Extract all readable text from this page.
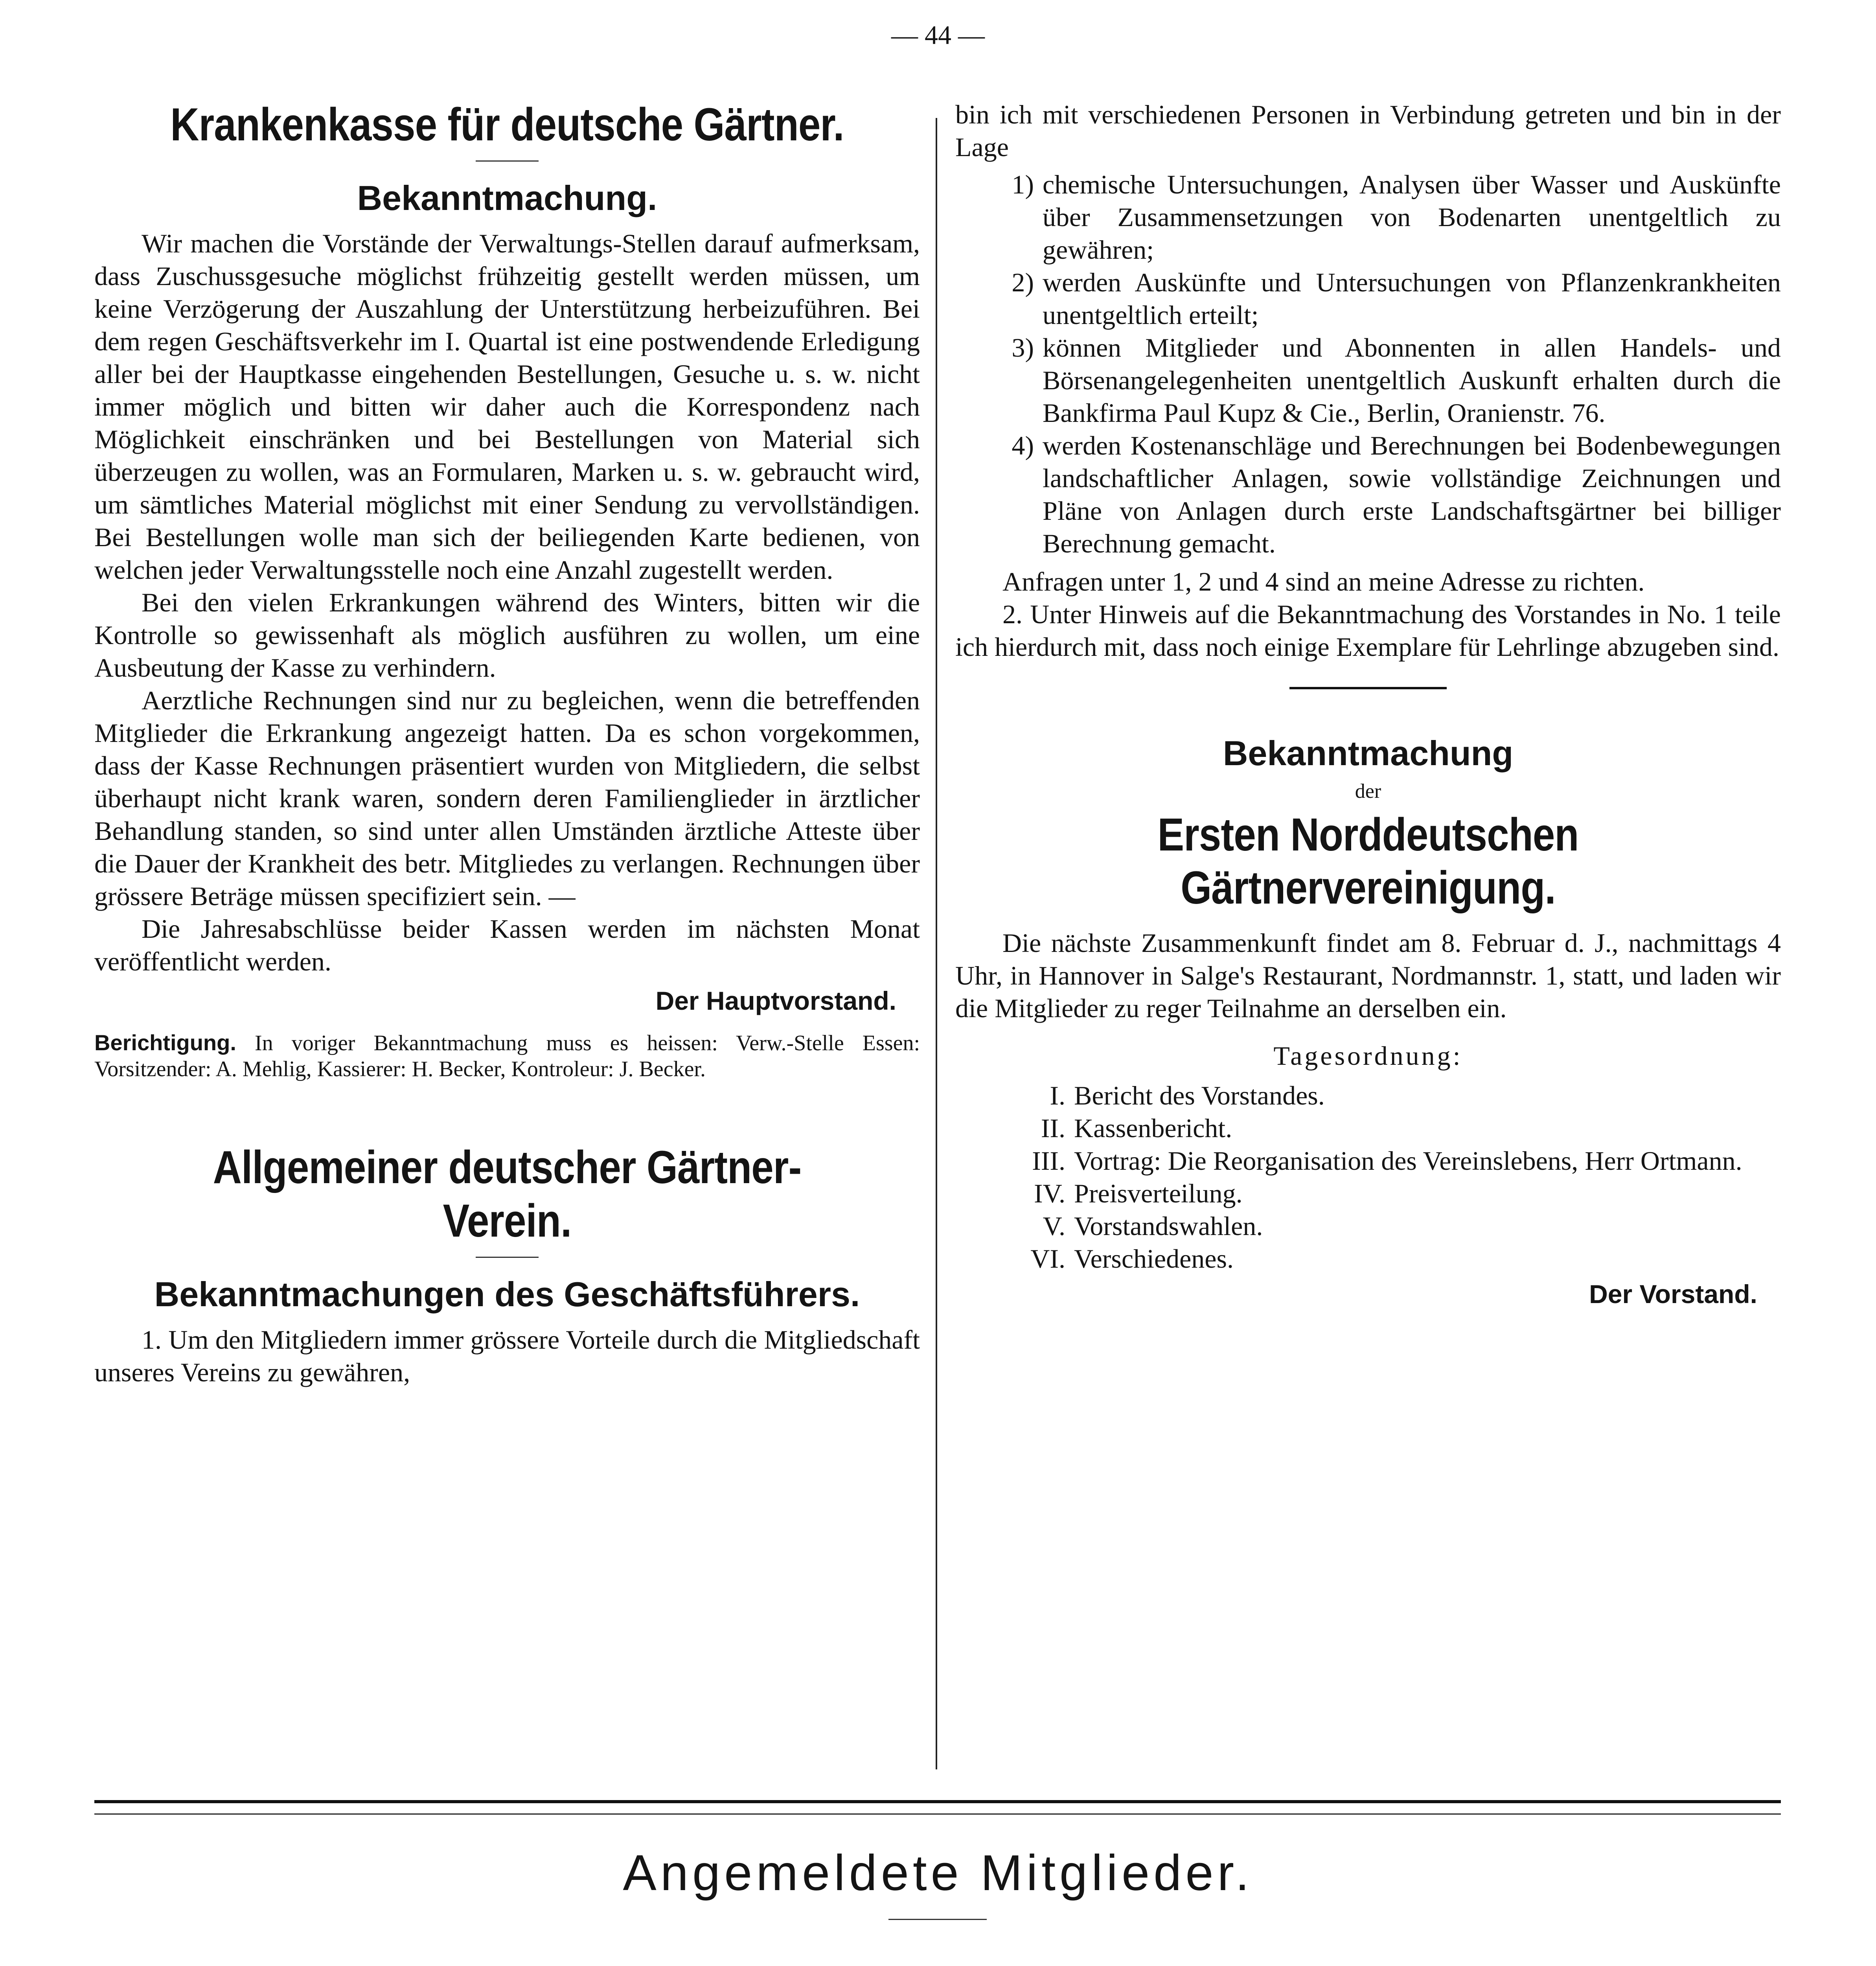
— 44 —
Krankenkasse für deutsche Gärtner.
Bekanntmachung.

Wir machen die Vorstände der Verwaltungs-Stellen darauf aufmerksam, dass Zuschussgesuche möglichst frühzeitig gestellt werden müssen, um keine Verzögerung der Auszahlung der Unterstützung herbeizuführen. Bei dem regen Geschäftsverkehr im I. Quartal ist eine postwendende Erledigung aller bei der Hauptkasse eingehenden Bestellungen, Gesuche u. s. w. nicht immer möglich und bitten wir daher auch die Korrespondenz nach Möglichkeit einschränken und bei Bestellungen von Material sich überzeugen zu wollen, was an Formularen, Marken u. s. w. gebraucht wird, um sämtliches Material möglichst mit einer Sendung zu vervollständigen. Bei Bestellungen wolle man sich der beiliegenden Karte bedienen, von welchen jeder Verwaltungsstelle noch eine Anzahl zugestellt werden.

Bei den vielen Erkrankungen während des Winters, bitten wir die Kontrolle so gewissenhaft als möglich ausführen zu wollen, um eine Ausbeutung der Kasse zu verhindern.

Aerztliche Rechnungen sind nur zu begleichen, wenn die betreffenden Mitglieder die Erkrankung angezeigt hatten. Da es schon vorgekommen, dass der Kasse Rechnungen präsentiert wurden von Mitgliedern, die selbst überhaupt nicht krank waren, sondern deren Familienglieder in ärztlicher Behandlung standen, so sind unter allen Umständen ärztliche Atteste über die Dauer der Krankheit des betr. Mitgliedes zu verlangen. Rechnungen über grössere Beträge müssen specifiziert sein. —

Die Jahresabschlüsse beider Kassen werden im nächsten Monat veröffentlicht werden.

Der Hauptvorstand.

Berichtigung. In voriger Bekanntmachung muss es heissen: Verw.-Stelle Essen: Vorsitzender: A. Mehlig, Kassierer: H. Becker, Kontroleur: J. Becker.

Allgemeiner deutscher Gärtner-Verein.
Bekanntmachungen des Geschäftsführers.

1. Um den Mitgliedern immer grössere Vorteile durch die Mitgliedschaft unseres Vereins zu gewähren,

bin ich mit verschiedenen Personen in Verbindung getreten und bin in der Lage

1) chemische Untersuchungen, Analysen über Wasser und Auskünfte über Zusammensetzungen von Bodenarten unentgeltlich zu gewähren;
2) werden Auskünfte und Untersuchungen von Pflanzenkrankheiten unentgeltlich erteilt;
3) können Mitglieder und Abonnenten in allen Handels- und Börsenangelegenheiten unentgeltlich Auskunft erhalten durch die Bankfirma Paul Kupz & Cie., Berlin, Oranienstr. 76.
4) werden Kostenanschläge und Berechnungen bei Bodenbewegungen landschaftlicher Anlagen, sowie vollständige Zeichnungen und Pläne von Anlagen durch erste Landschaftsgärtner bei billiger Berechnung gemacht.

Anfragen unter 1, 2 und 4 sind an meine Adresse zu richten.

2. Unter Hinweis auf die Bekanntmachung des Vorstandes in No. 1 teile ich hierdurch mit, dass noch einige Exemplare für Lehrlinge abzugeben sind.

Bekanntmachung
der
Ersten Norddeutschen Gärtnervereinigung.

Die nächste Zusammenkunft findet am 8. Februar d. J., nachmittags 4 Uhr, in Hannover in Salge's Restaurant, Nordmannstr. 1, statt, und laden wir die Mitglieder zu reger Teilnahme an derselben ein.

Tagesordnung:
I. Bericht des Vorstandes.
II. Kassenbericht.
III. Vortrag: Die Reorganisation des Vereinslebens, Herr Ortmann.
IV. Preisverteilung.
V. Vorstandswahlen.
VI. Verschiedenes.
Der Vorstand.
Angemeldete Mitglieder.
